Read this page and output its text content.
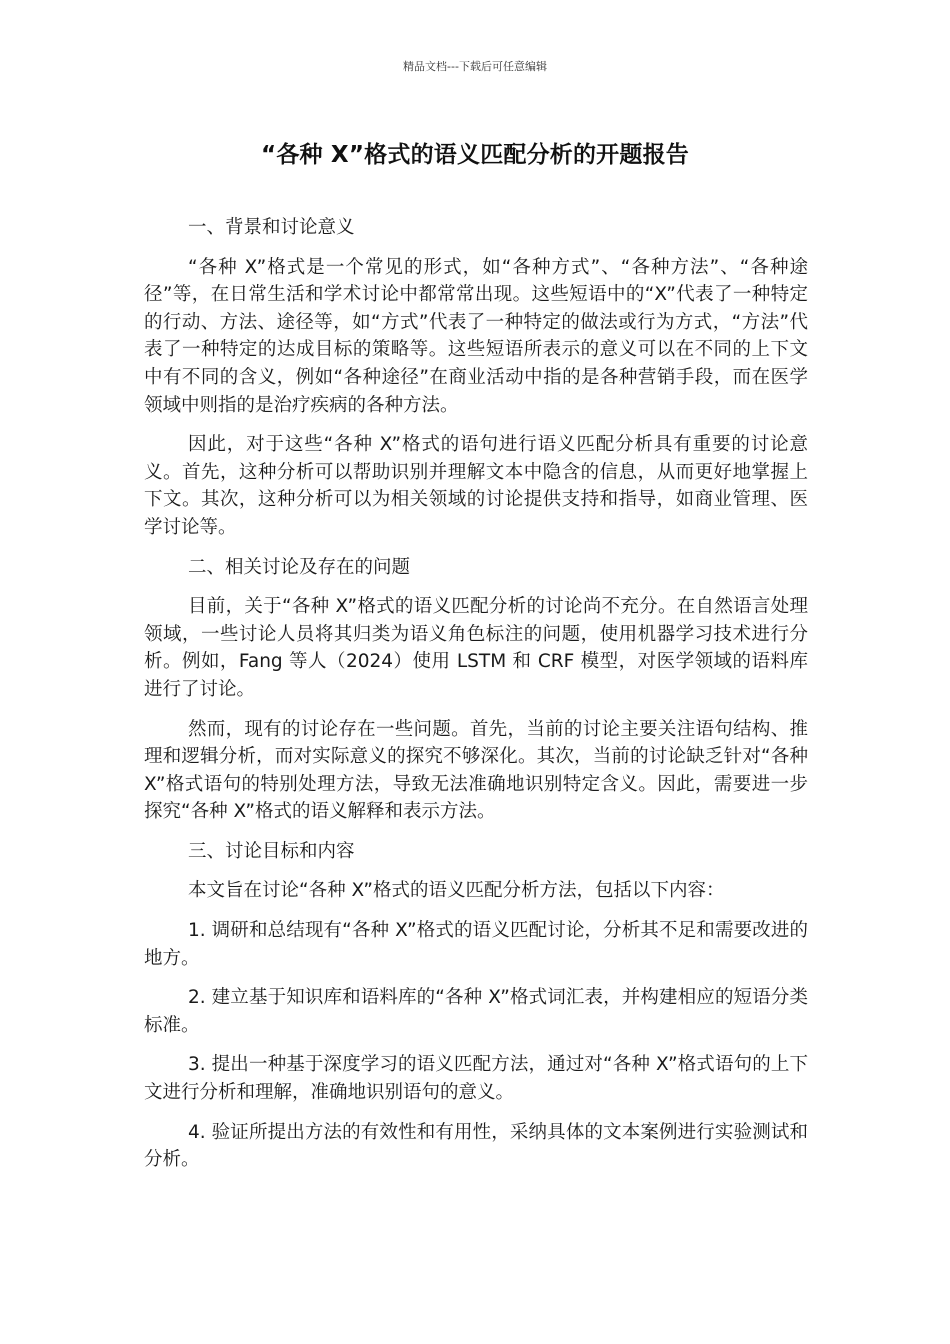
精品文档---下载后可任意编辑
“各种 X”格式的语义匹配分析的开题报告
一、背景和讨论意义

“各种 X”格式是一个常见的形式，如“各种方式”、“各种方法”、“各种途径”等，在日常生活和学术讨论中都常常出现。这些短语中的“X”代表了一种特定的行动、方法、途径等，如“方式”代表了一种特定的做法或行为方式，“方法”代表了一种特定的达成目标的策略等。这些短语所表示的意义可以在不同的上下文中有不同的含义，例如“各种途径”在商业活动中指的是各种营销手段，而在医学领域中则指的是治疗疾病的各种方法。

因此，对于这些“各种 X”格式的语句进行语义匹配分析具有重要的讨论意义。首先，这种分析可以帮助识别并理解文本中隐含的信息，从而更好地掌握上下文。其次，这种分析可以为相关领域的讨论提供支持和指导，如商业管理、医学讨论等。

二、相关讨论及存在的问题

目前，关于“各种 X”格式的语义匹配分析的讨论尚不充分。在自然语言处理领域，一些讨论人员将其归类为语义角色标注的问题，使用机器学习技术进行分析。例如，Fang 等人（2024）使用 LSTM 和 CRF 模型，对医学领域的语料库进行了讨论。

然而，现有的讨论存在一些问题。首先，当前的讨论主要关注语句结构、推理和逻辑分析，而对实际意义的探究不够深化。其次，当前的讨论缺乏针对“各种 X”格式语句的特别处理方法，导致无法准确地识别特定含义。因此，需要进一步探究“各种 X”格式的语义解释和表示方法。

三、讨论目标和内容

本文旨在讨论“各种 X”格式的语义匹配分析方法，包括以下内容：

1. 调研和总结现有“各种 X”格式的语义匹配讨论，分析其不足和需要改进的地方。

2. 建立基于知识库和语料库的“各种 X”格式词汇表，并构建相应的短语分类标准。

3. 提出一种基于深度学习的语义匹配方法，通过对“各种 X”格式语句的上下文进行分析和理解，准确地识别语句的意义。

4. 验证所提出方法的有效性和有用性，采纳具体的文本案例进行实验测试和分析。
